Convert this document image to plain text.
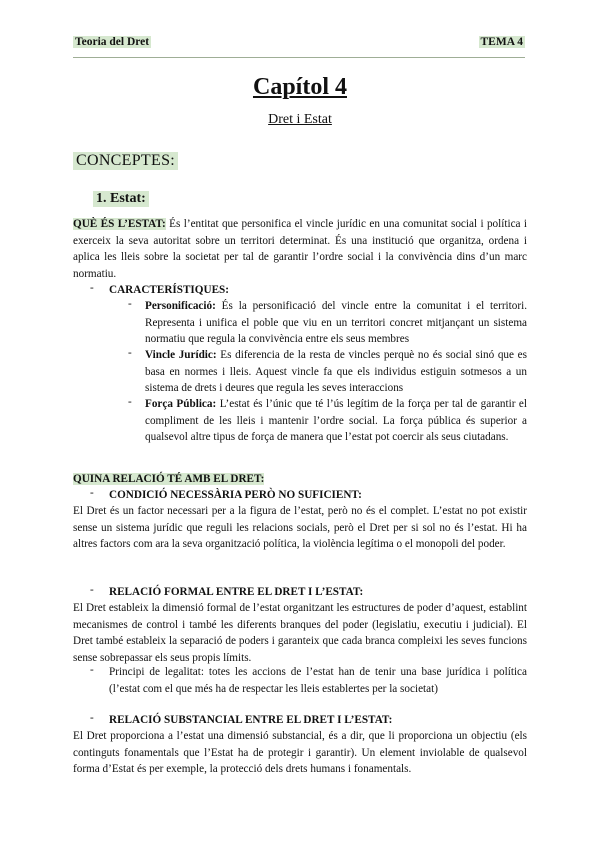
Teoria del Dret	TEMA 4
Capítol 4
Dret i Estat
CONCEPTES:
1. Estat:
QUÈ ÉS L’ESTAT: És l’entitat que personifica el vincle jurídic en una comunitat social i política i exerceix la seva autoritat sobre un territori determinat. És una institució que organitza, ordena i aplica les lleis sobre la societat per tal de garantir l’ordre social i la convivència dins d’un marc normatiu.
- CARACTERÍSTIQUES:
- Personificació: És la personificació del vincle entre la comunitat i el territori. Representa i unifica el poble que viu en un territori concret mitjançant un sistema normatiu que regula la convivència entre els seus membres
- Vincle Jurídic: Es diferencia de la resta de vincles perquè no és social sinó que es basa en normes i lleis. Aquest vincle fa que els individus estiguin sotmesos a un sistema de drets i deures que regula les seves interaccions
- Força Pública: L’estat és l’únic que té l’ús legítim de la força per tal de garantir el compliment de les lleis i mantenir l’ordre social. La força pública és superior a qualsevol altre tipus de força de manera que l’estat pot coercir als seus ciutadans.
QUINA RELACIÓ TÉ AMB EL DRET:
- CONDICIÓ NECESSÀRIA PERÒ NO SUFICIENT:
El Dret és un factor necessari per a la figura de l’estat, però no és el complet. L’estat no pot existir sense un sistema jurídic que reguli les relacions socials, però el Dret per si sol no és l’estat. Hi ha altres factors com ara la seva organització política, la violència legítima o el monopoli del poder.
- RELACIÓ FORMAL ENTRE EL DRET I L’ESTAT:
El Dret estableix la dimensió formal de l’estat organitzant les estructures de poder d’aquest, establint mecanismes de control i també les diferents branques del poder (legislatiu, executiu i judicial). El Dret també estableix la separació de poders i garanteix que cada branca compleixi les seves funcions sense sobrepassar els seus propis límits.
- Principi de legalitat: totes les accions de l’estat han de tenir una base jurídica i política (l’estat com el que més ha de respectar les lleis establertes per la societat)
- RELACIÓ SUBSTANCIAL ENTRE EL DRET I L’ESTAT:
El Dret proporciona a l’estat una dimensió substancial, és a dir, que li proporciona un objectiu (els continguts fonamentals que l’Estat ha de protegir i garantir). Un element inviolable de qualsevol forma d’Estat és per exemple, la protecció dels drets humans i fonamentals.
